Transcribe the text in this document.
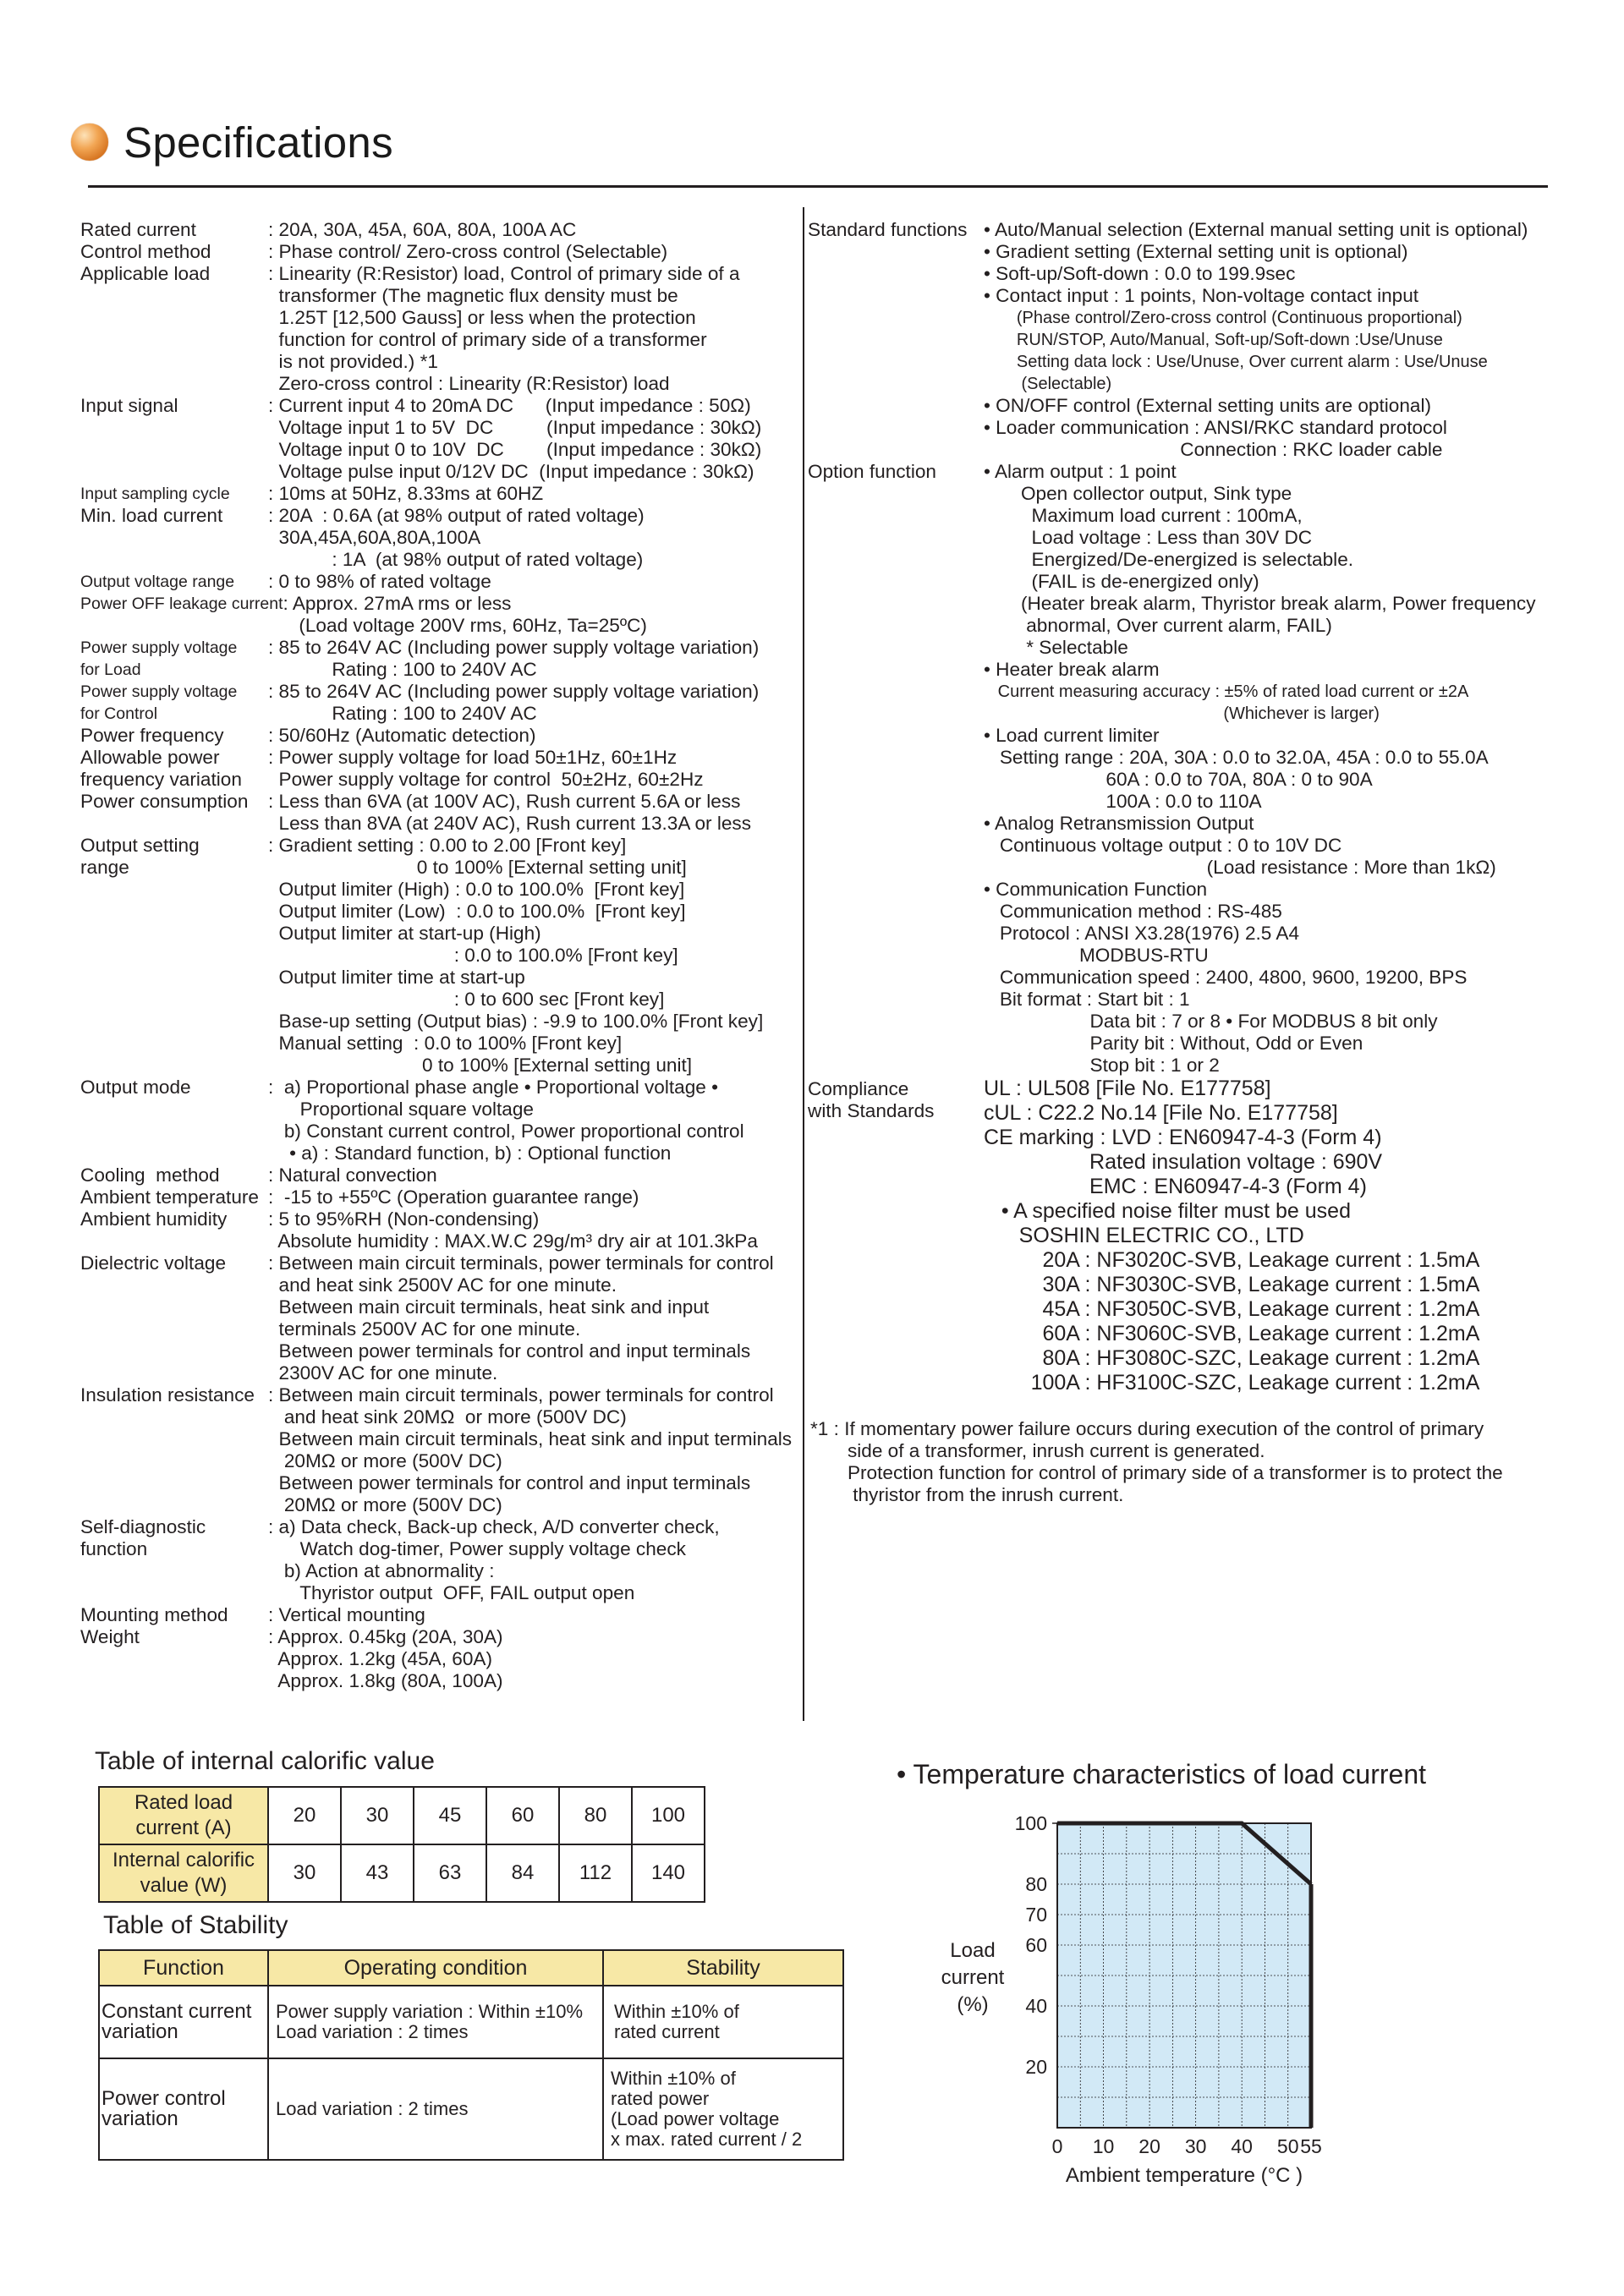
Specifications
Rated current	: 20A, 30A, 45A, 60A, 80A, 100A AC
Control method	: Phase control/ Zero-cross control (Selectable)
Applicable load	: Linearity (R:Resistor) load, Control of primary side of a
transformer (The magnetic flux density must be
1.25T [12,500 Gauss] or less when the protection
function for control of primary side of a transformer
is not provided.) *1
Zero-cross control : Linearity (R:Resistor) load
Input signal	: Current input 4 to 20mA DC      (Input impedance : 50Ω)
Voltage input 1 to 5V  DC          (Input impedance : 30kΩ)
Voltage input 0 to 10V  DC        (Input impedance : 30kΩ)
Voltage pulse input 0/12V DC  (Input impedance : 30kΩ)
Input sampling cycle	: 10ms at 50Hz, 8.33ms at 60HZ
Min. load current	: 20A  : 0.6A (at 98% output of rated voltage)
30A,45A,60A,80A,100A
: 1A  (at 98% output of rated voltage)
Output voltage range	: 0 to 98% of rated voltage
Power OFF leakage current : Approx. 27mA rms or less
(Load voltage 200V rms, 60Hz, Ta=25ºC)
Power supply voltage
for Load
: 85 to 264V AC (Including power supply voltage variation)
Rating : 100 to 240V AC
Power supply voltage
for Control
: 85 to 264V AC (Including power supply voltage variation)
Rating : 100 to 240V AC
Power frequency	: 50/60Hz (Automatic detection)
Allowable power
frequency variation
: Power supply voltage for load 50±1Hz, 60±1Hz
Power supply voltage for control  50±2Hz, 60±2Hz
Power consumption	: Less than 6VA (at 100V AC), Rush current 5.6A or less
Less than 8VA (at 240V AC), Rush current 13.3A or less
Output setting
range
: Gradient setting : 0.00 to 2.00 [Front key]
0 to 100% [External setting unit]
Output limiter (High) : 0.0 to 100.0%  [Front key]
Output limiter (Low)  : 0.0 to 100.0%  [Front key]
Output limiter at start-up (High)
: 0.0 to 100.0% [Front key]
Output limiter time at start-up
: 0 to 600 sec [Front key]
Base-up setting (Output bias) : -9.9 to 100.0% [Front key]
Manual setting  : 0.0 to 100% [Front key]
0 to 100% [External setting unit]
Output mode	:  a) Proportional phase angle • Proportional voltage •
Proportional square voltage
b) Constant current control, Power proportional control
• a) : Standard function, b) : Optional function
Cooling  method	: Natural convection
Ambient temperature :  -15 to +55ºC (Operation guarantee range)
Ambient humidity	: 5 to 95%RH (Non-condensing)
Absolute humidity : MAX.W.C 29g/m³ dry air at 101.3kPa
Dielectric voltage	: Between main circuit terminals, power terminals for control
and heat sink 2500V AC for one minute.
Between main circuit terminals, heat sink and input
terminals 2500V AC for one minute.
Between power terminals for control and input terminals
2300V AC for one minute.
Insulation resistance : Between main circuit terminals, power terminals for control
and heat sink 20MΩ  or more (500V DC)
Between main circuit terminals, heat sink and input terminals
20MΩ or more (500V DC)
Between power terminals for control and input terminals
20MΩ or more (500V DC)
Self-diagnostic
function
: a) Data check, Back-up check, A/D converter check,
Watch dog-timer, Power supply voltage check
b) Action at abnormality :
Thyristor output  OFF, FAIL output open
Mounting method	: Vertical mounting
Weight	: Approx. 0.45kg (20A, 30A)
Approx. 1.2kg (45A, 60A)
Approx. 1.8kg (80A, 100A)
Standard functions • Auto/Manual selection (External manual setting unit is optional)
• Gradient setting (External setting unit is optional)
• Soft-up/Soft-down : 0.0 to 199.9sec
• Contact input : 1 points, Non-voltage contact input
(Phase control/Zero-cross control (Continuous proportional)
RUN/STOP, Auto/Manual, Soft-up/Soft-down :Use/Unuse
Setting data lock : Use/Unuse, Over current alarm : Use/Unuse
(Selectable)
• ON/OFF control (External setting units are optional)
• Loader communication : ANSI/RKC standard protocol
Connection : RKC loader cable
Option function	• Alarm output : 1 point
Open collector output, Sink type
Maximum load current : 100mA,
Load voltage : Less than 30V DC
Energized/De-energized is selectable.
(FAIL is de-energized only)
(Heater break alarm, Thyristor break alarm, Power frequency
abnormal, Over current alarm, FAIL)
* Selectable
• Heater break alarm
Current measuring accuracy : ±5% of rated load current or ±2A
(Whichever is larger)
• Load current limiter
Setting range : 20A, 30A : 0.0 to 32.0A, 45A : 0.0 to 55.0A
60A : 0.0 to 70A, 80A : 0 to 90A
100A : 0.0 to 110A
• Analog Retransmission Output
Continuous voltage output : 0 to 10V DC
(Load resistance : More than 1kΩ)
• Communication Function
Communication method : RS-485
Protocol : ANSI X3.28(1976) 2.5 A4
MODBUS-RTU
Communication speed : 2400, 4800, 9600, 19200, BPS
Bit format : Start bit : 1
Data bit : 7 or 8 • For MODBUS 8 bit only
Parity bit : Without, Odd or Even
Stop bit : 1 or 2
Compliance
with Standards
UL : UL508 [File No. E177758]
cUL : C22.2 No.14 [File No. E177758]
CE marking : LVD : EN60947-4-3 (Form 4)
Rated insulation voltage : 690V
EMC : EN60947-4-3 (Form 4)
• A specified noise filter must be used
SOSHIN ELECTRIC CO., LTD
20A : NF3020C-SVB, Leakage current : 1.5mA
30A : NF3030C-SVB, Leakage current : 1.5mA
45A : NF3050C-SVB, Leakage current : 1.2mA
60A : NF3060C-SVB, Leakage current : 1.2mA
80A : HF3080C-SZC, Leakage current : 1.2mA
100A : HF3100C-SZC, Leakage current : 1.2mA
*1 : If momentary power failure occurs during execution of the control of primary
side of a transformer, inrush current is generated.
Protection function for control of primary side of a transformer is to protect the
thyristor from the inrush current.
Table of internal calorific value
Rated load current (A)	20	30	45	60	80	100
Internal calorific value (W)	30	43	63	84	112	140
Table of Stability
Function	Operating condition	Stability
Constant current
variation	Power supply variation : Within ±10%
Load variation : 2 times	Within ±10% of
rated current
Power control
variation	Load variation : 2 times	Within ±10% of
rated power
(Load power voltage
x max. rated current / 2
• Temperature characteristics of load current
20
40
60
70
80
100
0 10 20 30 40 50 55
Ambient temperature (°C )
Load current (%)
